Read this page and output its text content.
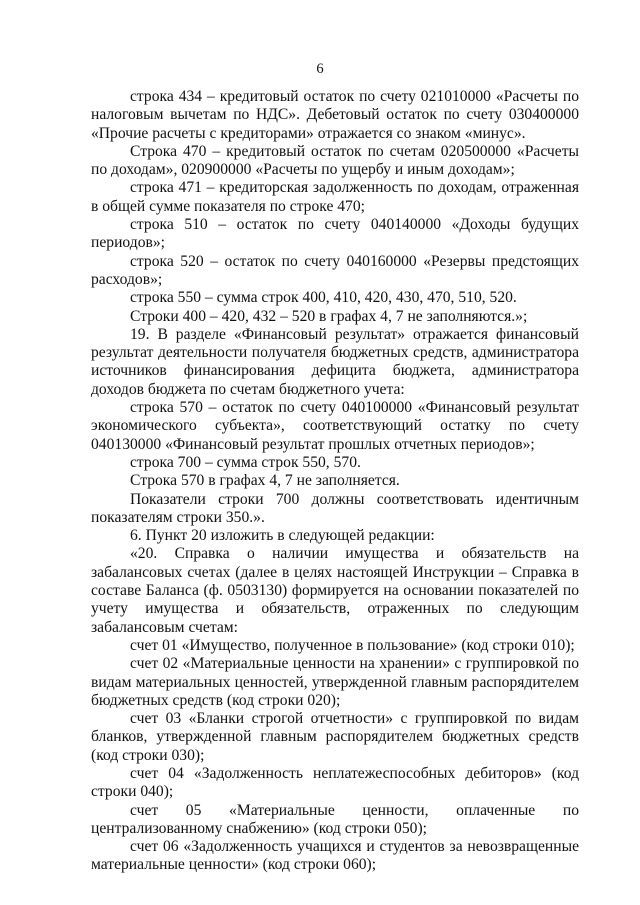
6

строка 434 – кредитовый остаток по счету 021010000 «Расчеты по налоговым вычетам по НДС». Дебетовый остаток по счету 030400000 «Прочие расчеты с кредиторами» отражается со знаком «минус».

Строка 470 – кредитовый остаток по счетам 020500000 «Расчеты по доходам», 020900000 «Расчеты по ущербу и иным доходам»;

строка 471 – кредиторская задолженность по доходам, отраженная в общей сумме показателя по строке 470;

строка 510 – остаток по счету 040140000 «Доходы будущих периодов»;

строка 520 – остаток по счету 040160000 «Резервы предстоящих расходов»;

строка 550 – сумма строк 400, 410, 420, 430, 470, 510, 520.

Строки 400 – 420, 432 – 520 в графах 4, 7 не заполняются.»;

19. В разделе «Финансовый результат» отражается финансовый результат деятельности получателя бюджетных средств, администратора источников финансирования дефицита бюджета, администратора доходов бюджета по счетам бюджетного учета:

строка 570 – остаток по счету 040100000 «Финансовый результат экономического субъекта», соответствующий остатку по счету 040130000 «Финансовый результат прошлых отчетных периодов»;

строка 700 – сумма строк 550, 570.

Строка 570 в графах 4, 7 не заполняется.

Показатели строки 700 должны соответствовать идентичным показателям строки 350.».

6. Пункт 20 изложить в следующей редакции:

«20. Справка о наличии имущества и обязательств на забалансовых счетах (далее в целях настоящей Инструкции – Справка в составе Баланса (ф. 0503130) формируется на основании показателей по учету имущества и обязательств, отраженных по следующим забалансовым счетам:

счет 01 «Имущество, полученное в пользование» (код строки 010);

счет 02 «Материальные ценности на хранении» с группировкой по видам материальных ценностей, утвержденной главным распорядителем бюджетных средств (код строки 020);

счет 03 «Бланки строгой отчетности» с группировкой по видам бланков, утвержденной главным распорядителем бюджетных средств (код строки 030);

счет 04 «Задолженность неплатежеспособных дебиторов» (код строки 040);

счет 05 «Материальные ценности, оплаченные по централизованному снабжению» (код строки 050);

счет 06 «Задолженность учащихся и студентов за невозвращенные материальные ценности» (код строки 060);
